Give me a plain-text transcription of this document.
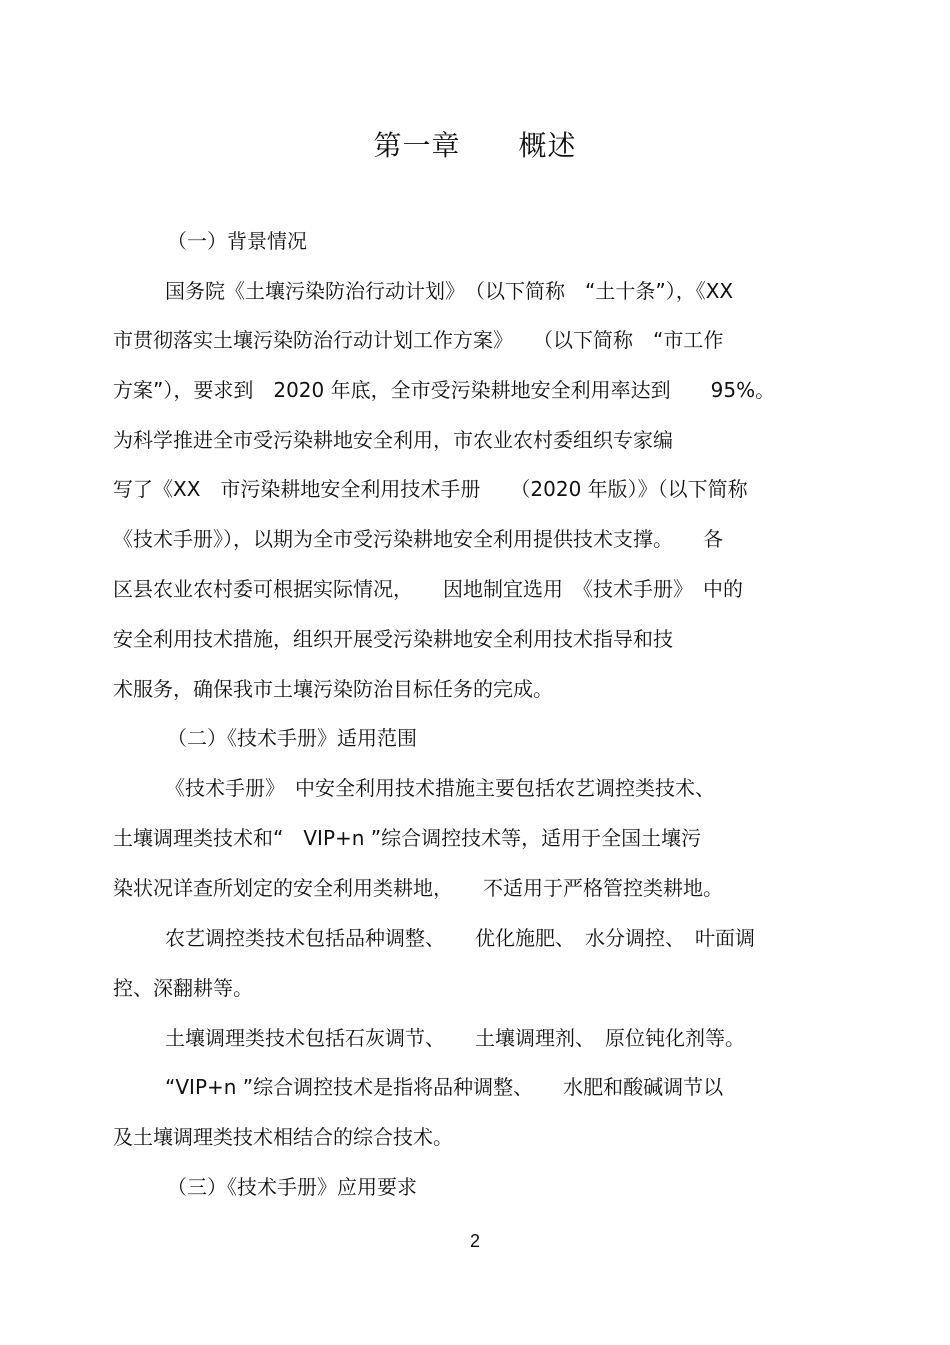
第一章　　概述

（一）背景情况

国务院《土壤污染防治行动计划》　（以下简称　“土十条”），《XX

市贯彻落实土壤污染防治行动计划工作方案》　　（以下简称　“市工作

方案”），要求到　2020 年底，全市受污染耕地安全利用率达到　　95%。

为科学推进全市受污染耕地安全利用，市农业农村委组织专家编

写了《XX　市污染耕地安全利用技术手册　　（2020 年版）》（以下简称

《技术手册》），以期为全市受污染耕地安全利用提供技术支撑。　　各

区县农业农村委可根据实际情况，　　因地制宜选用　《技术手册》　中的

安全利用技术措施，组织开展受污染耕地安全利用技术指导和技

术服务，确保我市土壤污染防治目标任务的完成。

（二）《技术手册》适用范围

《技术手册》　中安全利用技术措施主要包括农艺调控类技术、

土壤调理类技术和“　VIP+n ”综合调控技术等，适用于全国土壤污

染状况详查所划定的安全利用类耕地，　　不适用于严格管控类耕地。

农艺调控类技术包括品种调整、　　优化施肥、　水分调控、　叶面调

控、深翻耕等。

土壤调理类技术包括石灰调节、　　土壤调理剂、　原位钝化剂等。

“VIP+n ”综合调控技术是指将品种调整、　　水肥和酸碱调节以

及土壤调理类技术相结合的综合技术。

（三）《技术手册》应用要求

2
